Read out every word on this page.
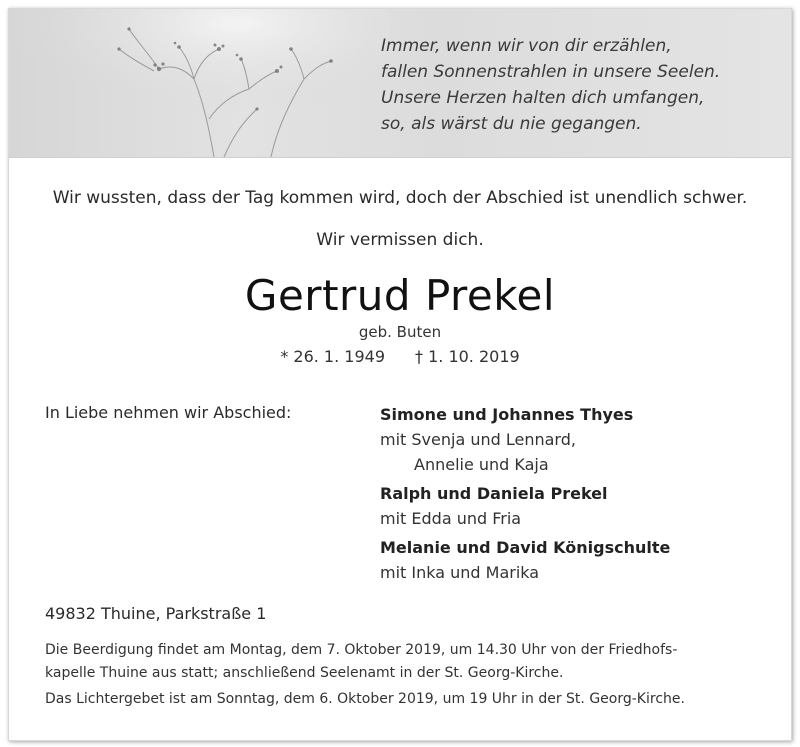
Immer, wenn wir von dir erzählen,
fallen Sonnenstrahlen in unsere Seelen.
Unsere Herzen halten dich umfangen,
so, als wärst du nie gegangen.
Wir wussten, dass der Tag kommen wird, doch der Abschied ist unendlich schwer.
Wir vermissen dich.
Gertrud Prekel
geb. Buten
* 26. 1. 1949 † 1. 10. 2019
In Liebe nehmen wir Abschied:	Simone und Johannes Thyes
mit Svenja und Lennard,
Annelie und Kaja
Ralph und Daniela Prekel
mit Edda und Fria
Melanie und David Königschulte
mit Inka und Marika
49832 Thuine, Parkstraße 1
Die Beerdigung findet am Montag, dem 7. Oktober 2019, um 14.30 Uhr von der Friedhofs-
kapelle Thuine aus statt; anschließend Seelenamt in der St. Georg-Kirche.
Das Lichtergebet ist am Sonntag, dem 6. Oktober 2019, um 19 Uhr in der St. Georg-Kirche.
